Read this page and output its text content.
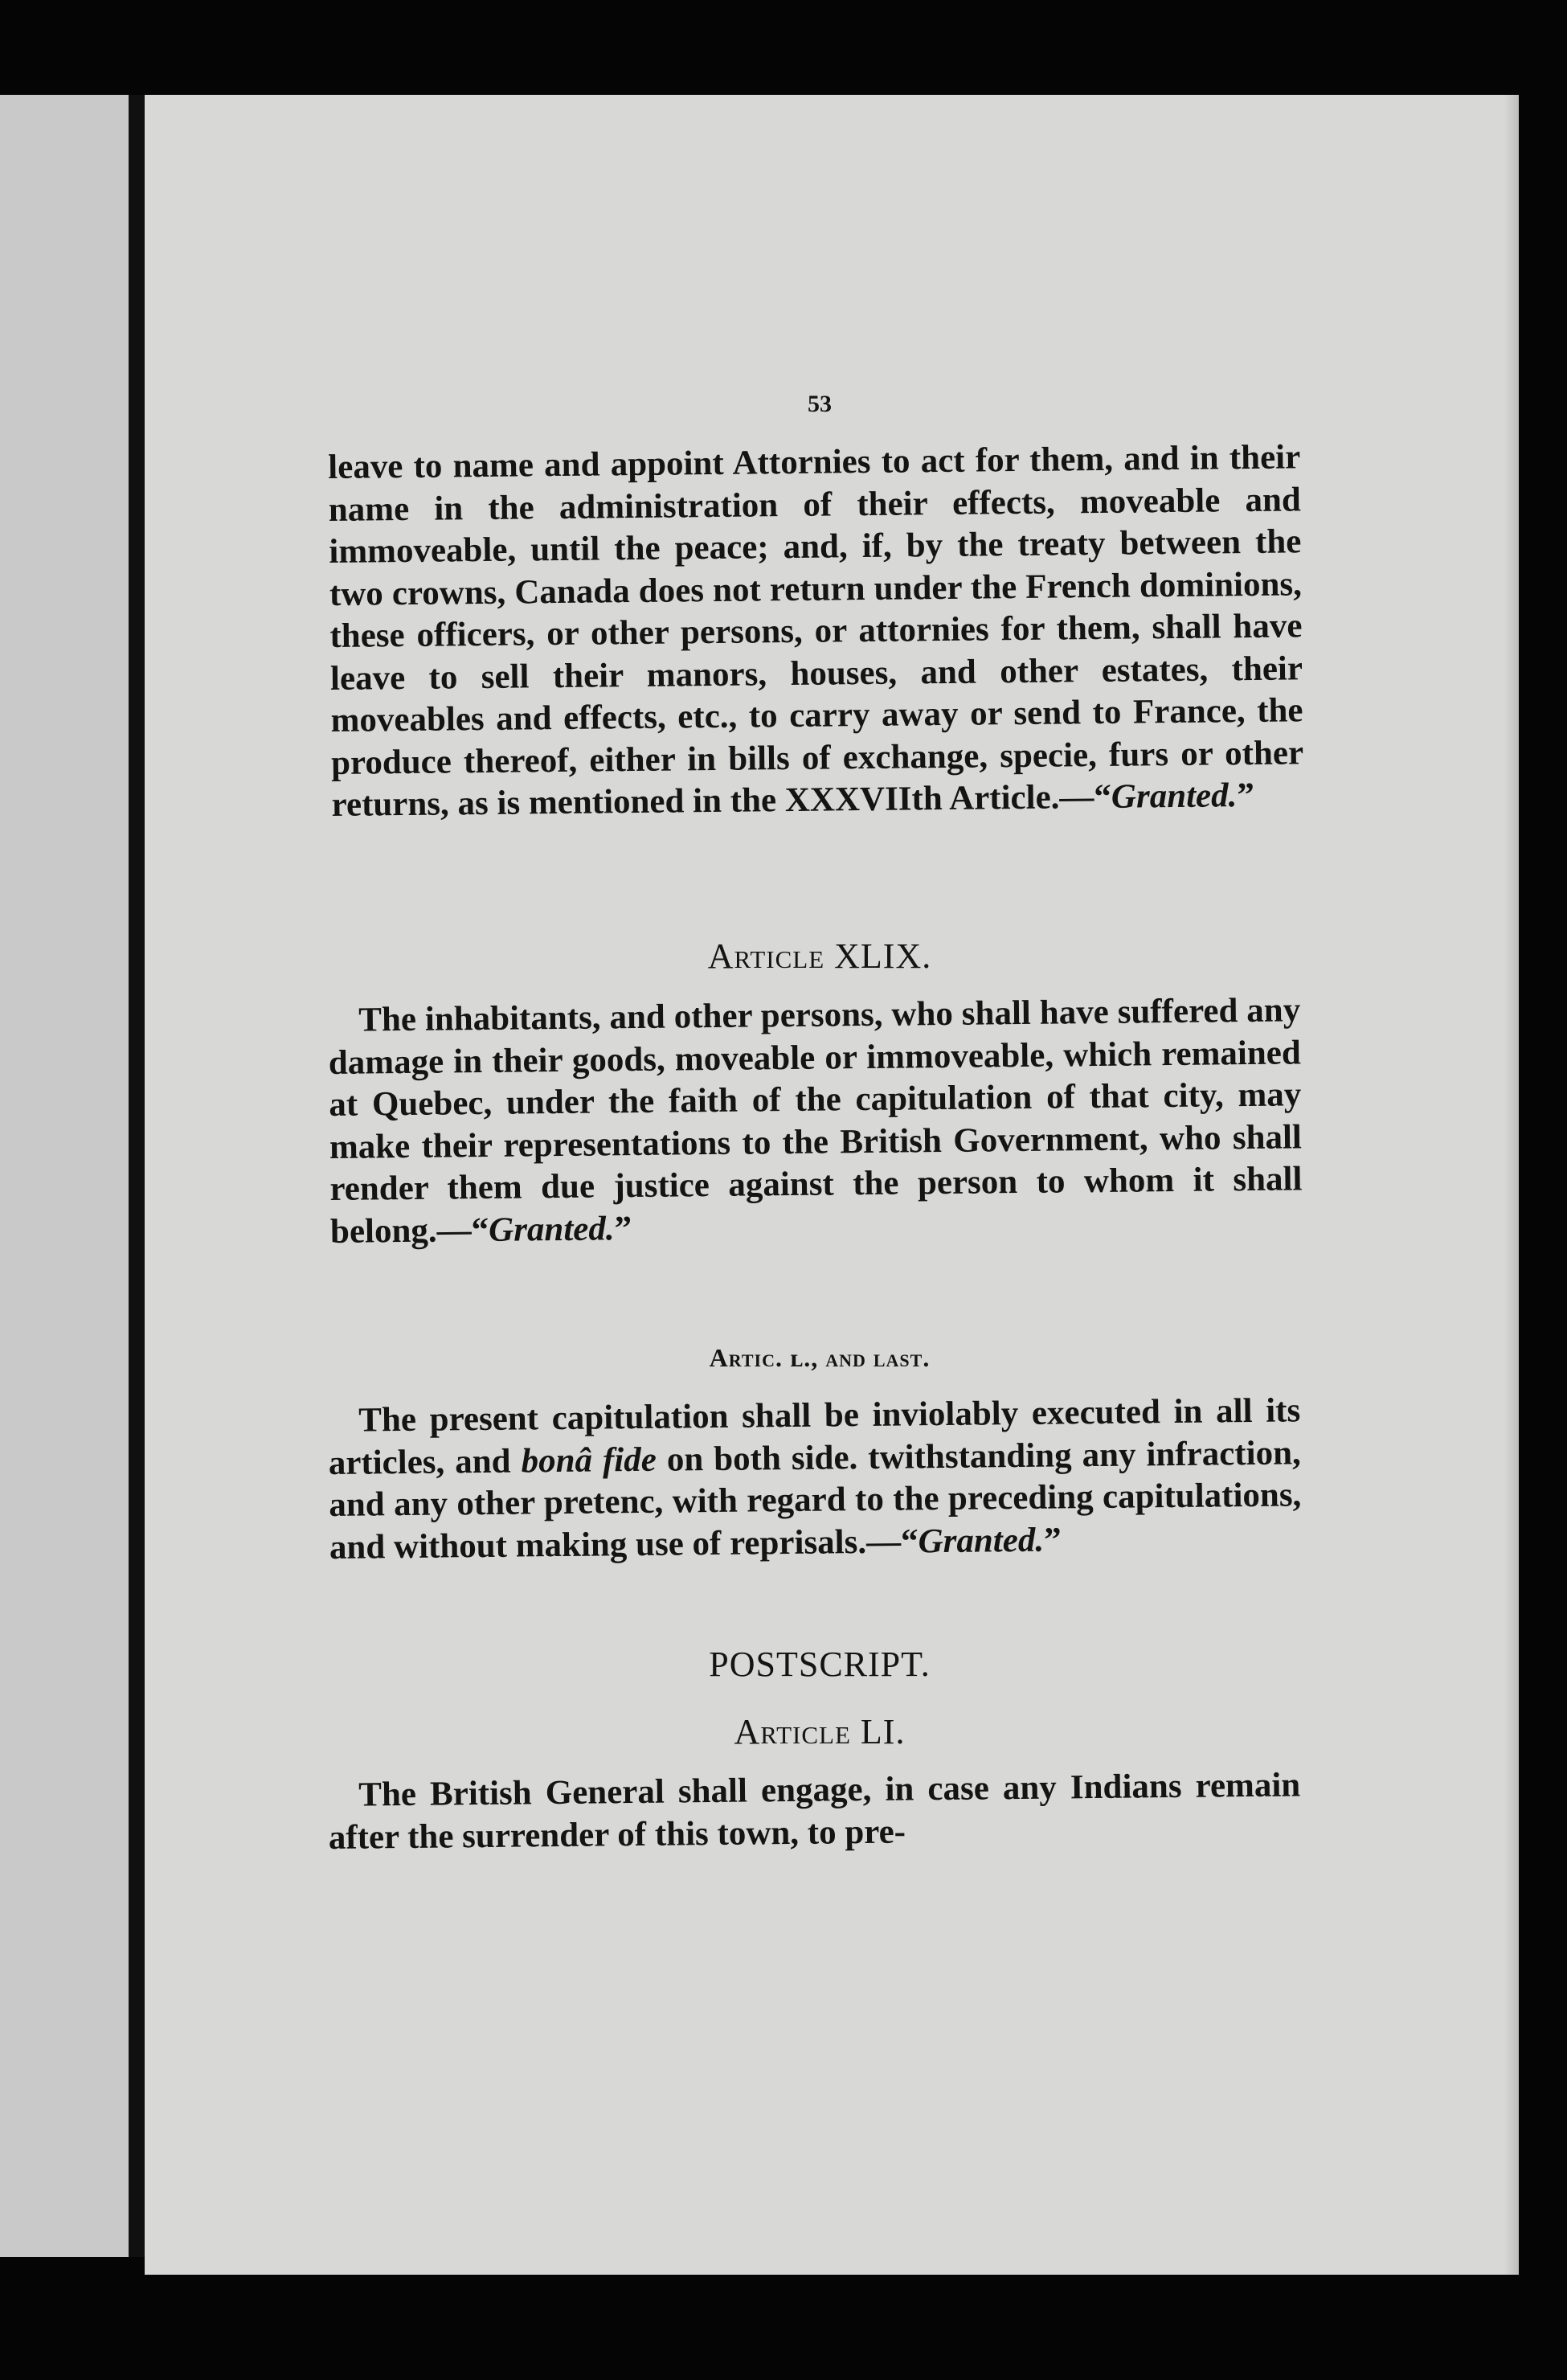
53

leave to name and appoint Attornies to act for them, and in their name in the administration of their effects, moveable and immoveable, until the peace; and, if, by the treaty between the two crowns, Canada does not return under the French dominions, these officers, or other persons, or attornies for them, shall have leave to sell their manors, houses, and other estates, their moveables and effects, etc., to carry away or send to France, the produce thereof, either in bills of exchange, specie, furs or other returns, as is mentioned in the XXXVIIth Article.—“Granted.”

Article XLIX.

The inhabitants, and other persons, who shall have suffered any damage in their goods, moveable or immoveable, which remained at Quebec, under the faith of the capitulation of that city, may make their representations to the British Government, who shall render them due justice against the person to whom it shall belong.—“Granted.”

Artic. ʟ., and last.

The present capitulation shall be inviolably executed in all its articles, and bonâ fide on both side. twithstanding any infraction, and any other pretenc, with regard to the preceding capitulations, and without making use of reprisals.—“Granted.”

POSTSCRIPT.
Article LI.

The British General shall engage, in case any Indians remain after the surrender of this town, to pre-
